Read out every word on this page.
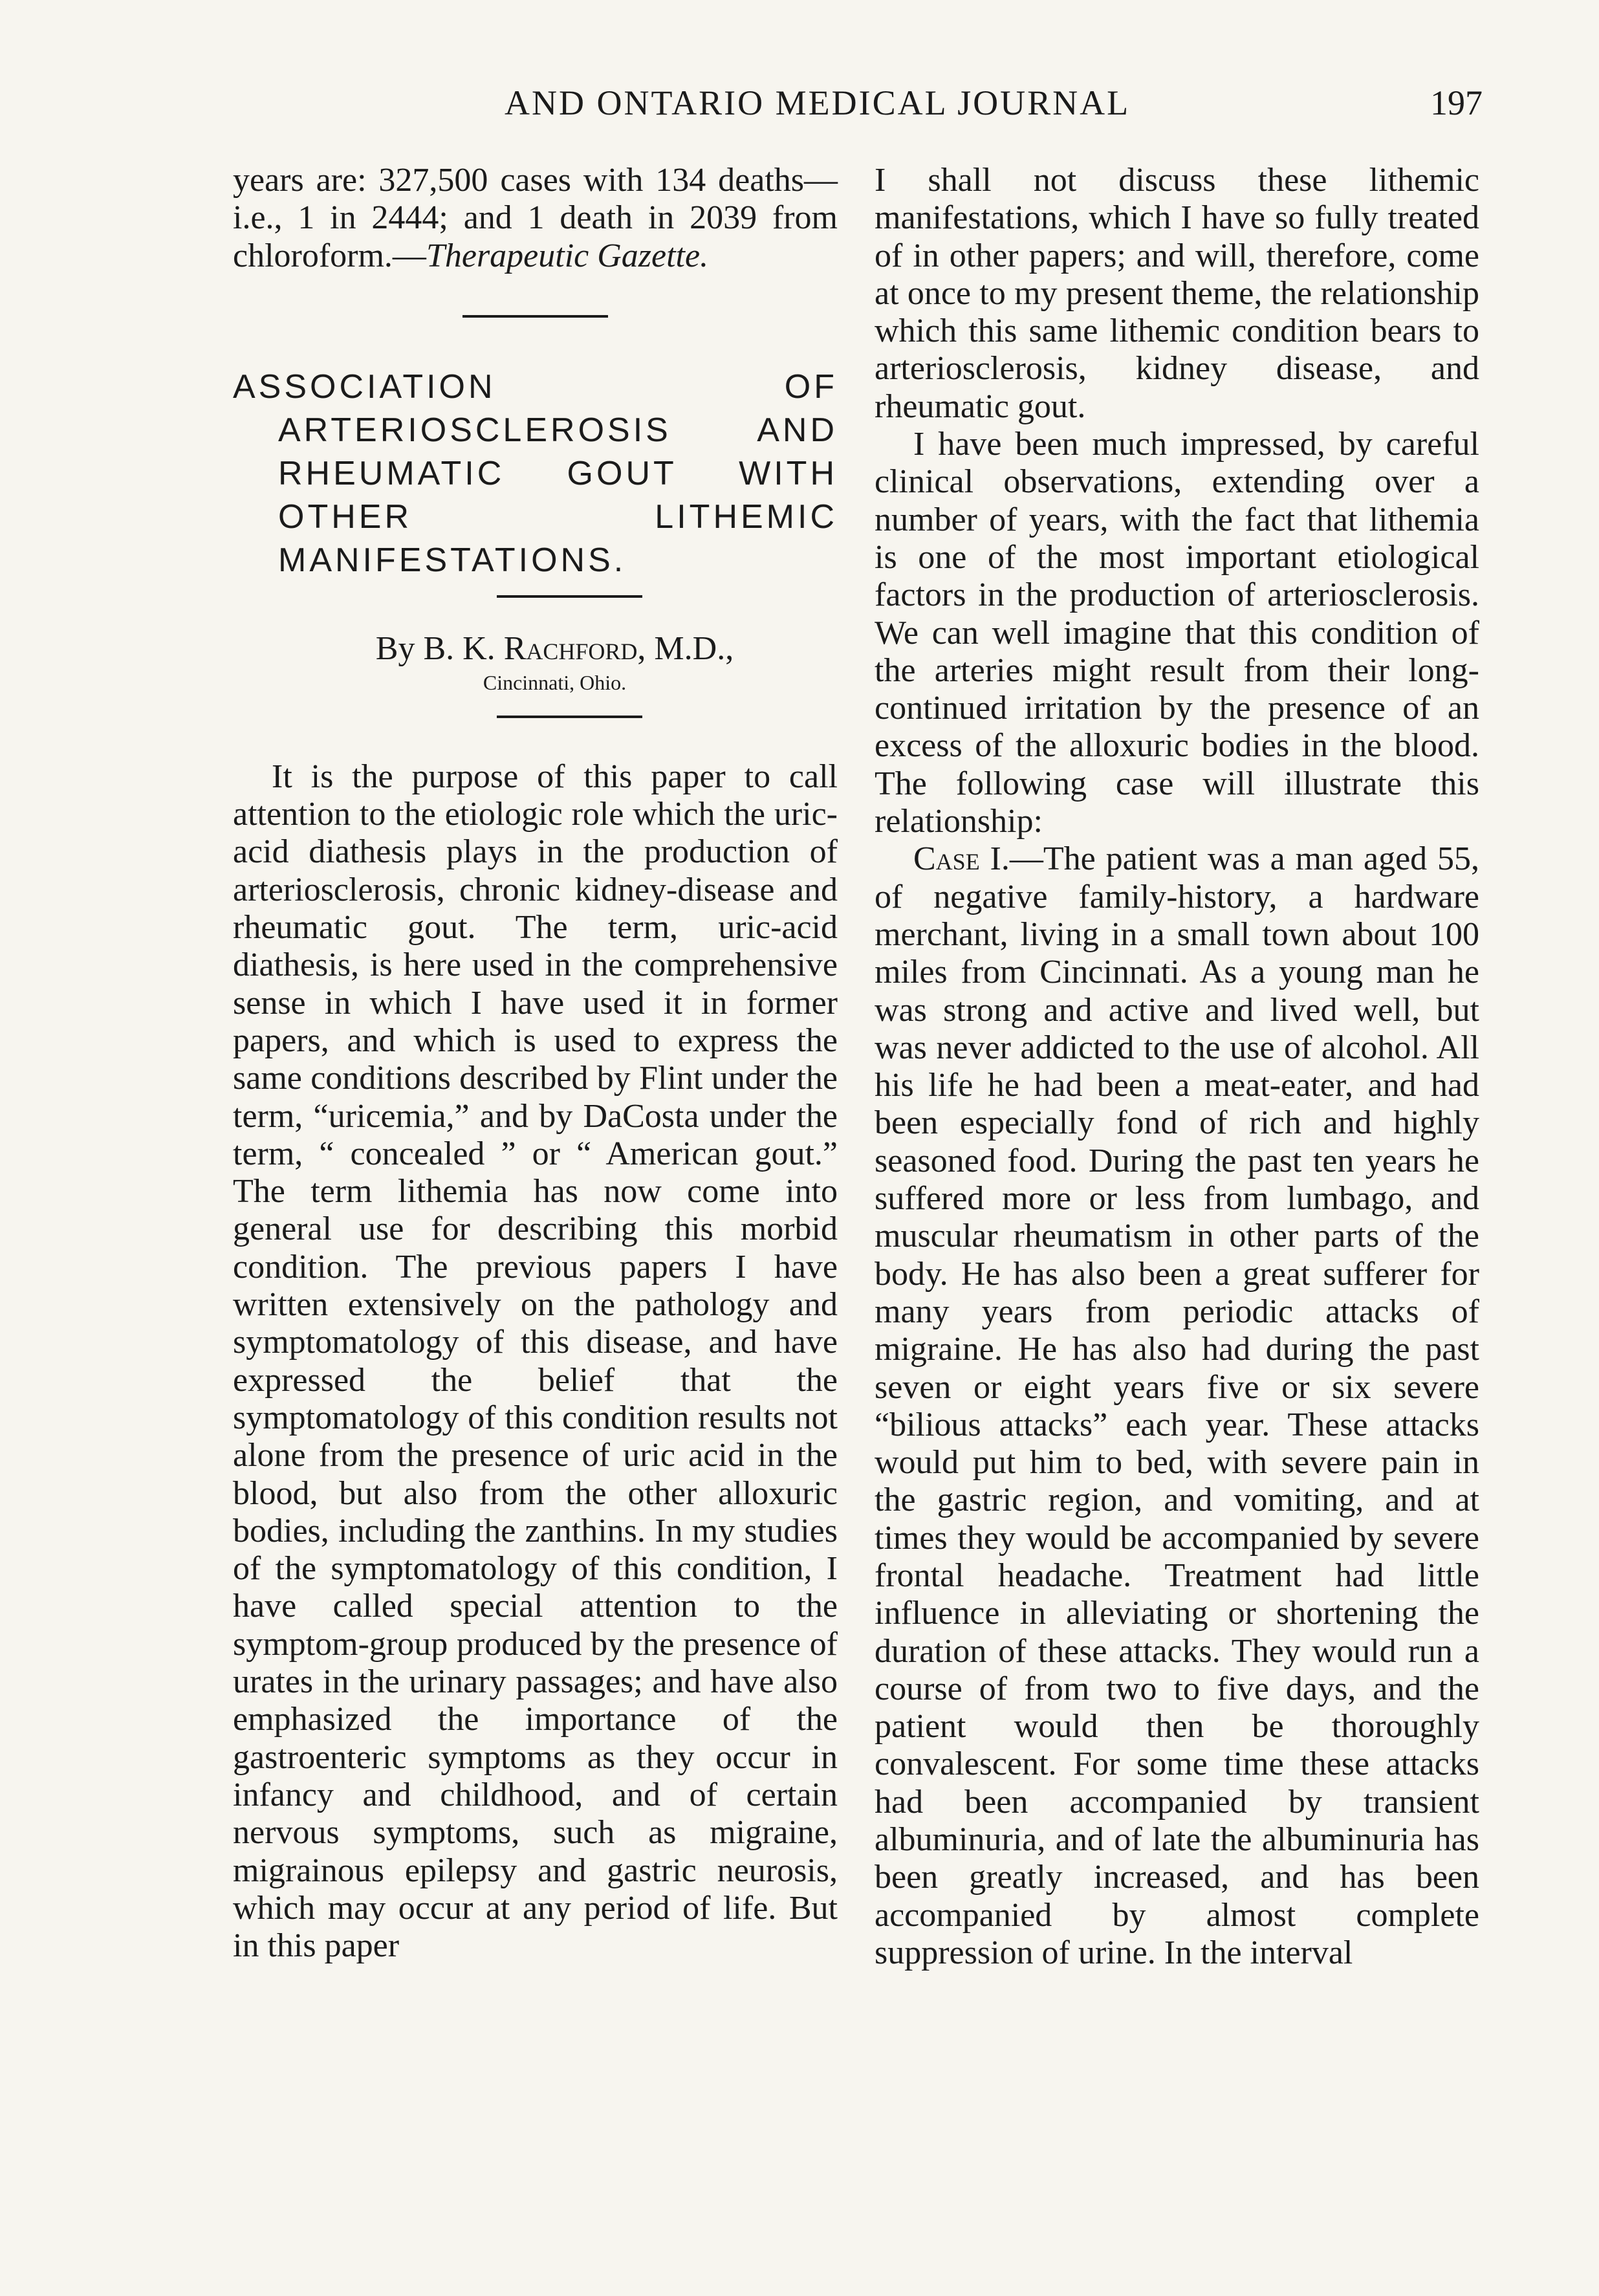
AND ONTARIO MEDICAL JOURNAL	197

years are: 327,500 cases with 134 deaths—i.e., 1 in 2444; and 1 death in 2039 from chloroform.—Therapeutic Gazette.

ASSOCIATION OF ARTERIOSCLEROSIS AND RHEUMATIC GOUT WITH OTHER LITHEMIC MANIFESTATIONS.

By B. K. Rachford, M.D.,

Cincinnati, Ohio.

It is the purpose of this paper to call attention to the etiologic role which the uric-acid diathesis plays in the production of arteriosclerosis, chronic kidney-disease and rheumatic gout. The term, uric-acid diathesis, is here used in the comprehensive sense in which I have used it in former papers, and which is used to express the same conditions described by Flint under the term, “uricemia,” and by DaCosta under the term, “ concealed ” or “ American gout.” The term lithemia has now come into general use for describing this morbid condition. The previous papers I have written extensively on the pathology and symptomatology of this disease, and have expressed the belief that the symptomatology of this condition results not alone from the presence of uric acid in the blood, but also from the other alloxuric bodies, including the zanthins. In my studies of the symptomatology of this condition, I have called special attention to the symptom-group produced by the presence of urates in the urinary passages; and have also emphasized the importance of the gastroenteric symptoms as they occur in infancy and childhood, and of certain nervous symptoms, such as migraine, migrainous epilepsy and gastric neurosis, which may occur at any period of life. But in this paper

I shall not discuss these lithemic manifestations, which I have so fully treated of in other papers; and will, therefore, come at once to my present theme, the relationship which this same lithemic condition bears to arteriosclerosis, kidney disease, and rheumatic gout.

I have been much impressed, by careful clinical observations, extending over a number of years, with the fact that lithemia is one of the most important etiological factors in the production of arteriosclerosis. We can well imagine that this condition of the arteries might result from their long-continued irritation by the presence of an excess of the alloxuric bodies in the blood. The following case will illustrate this relationship:

Case I.—The patient was a man aged 55, of negative family-history, a hardware merchant, living in a small town about 100 miles from Cincinnati. As a young man he was strong and active and lived well, but was never addicted to the use of alcohol. All his life he had been a meat-eater, and had been especially fond of rich and highly seasoned food. During the past ten years he suffered more or less from lumbago, and muscular rheumatism in other parts of the body. He has also been a great sufferer for many years from periodic attacks of migraine. He has also had during the past seven or eight years five or six severe “bilious attacks” each year. These attacks would put him to bed, with severe pain in the gastric region, and vomiting, and at times they would be accompanied by severe frontal headache. Treatment had little influence in alleviating or shortening the duration of these attacks. They would run a course of from two to five days, and the patient would then be thoroughly convalescent. For some time these attacks had been accompanied by transient albuminuria, and of late the albuminuria has been greatly increased, and has been accompanied by almost complete suppression of urine. In the interval
